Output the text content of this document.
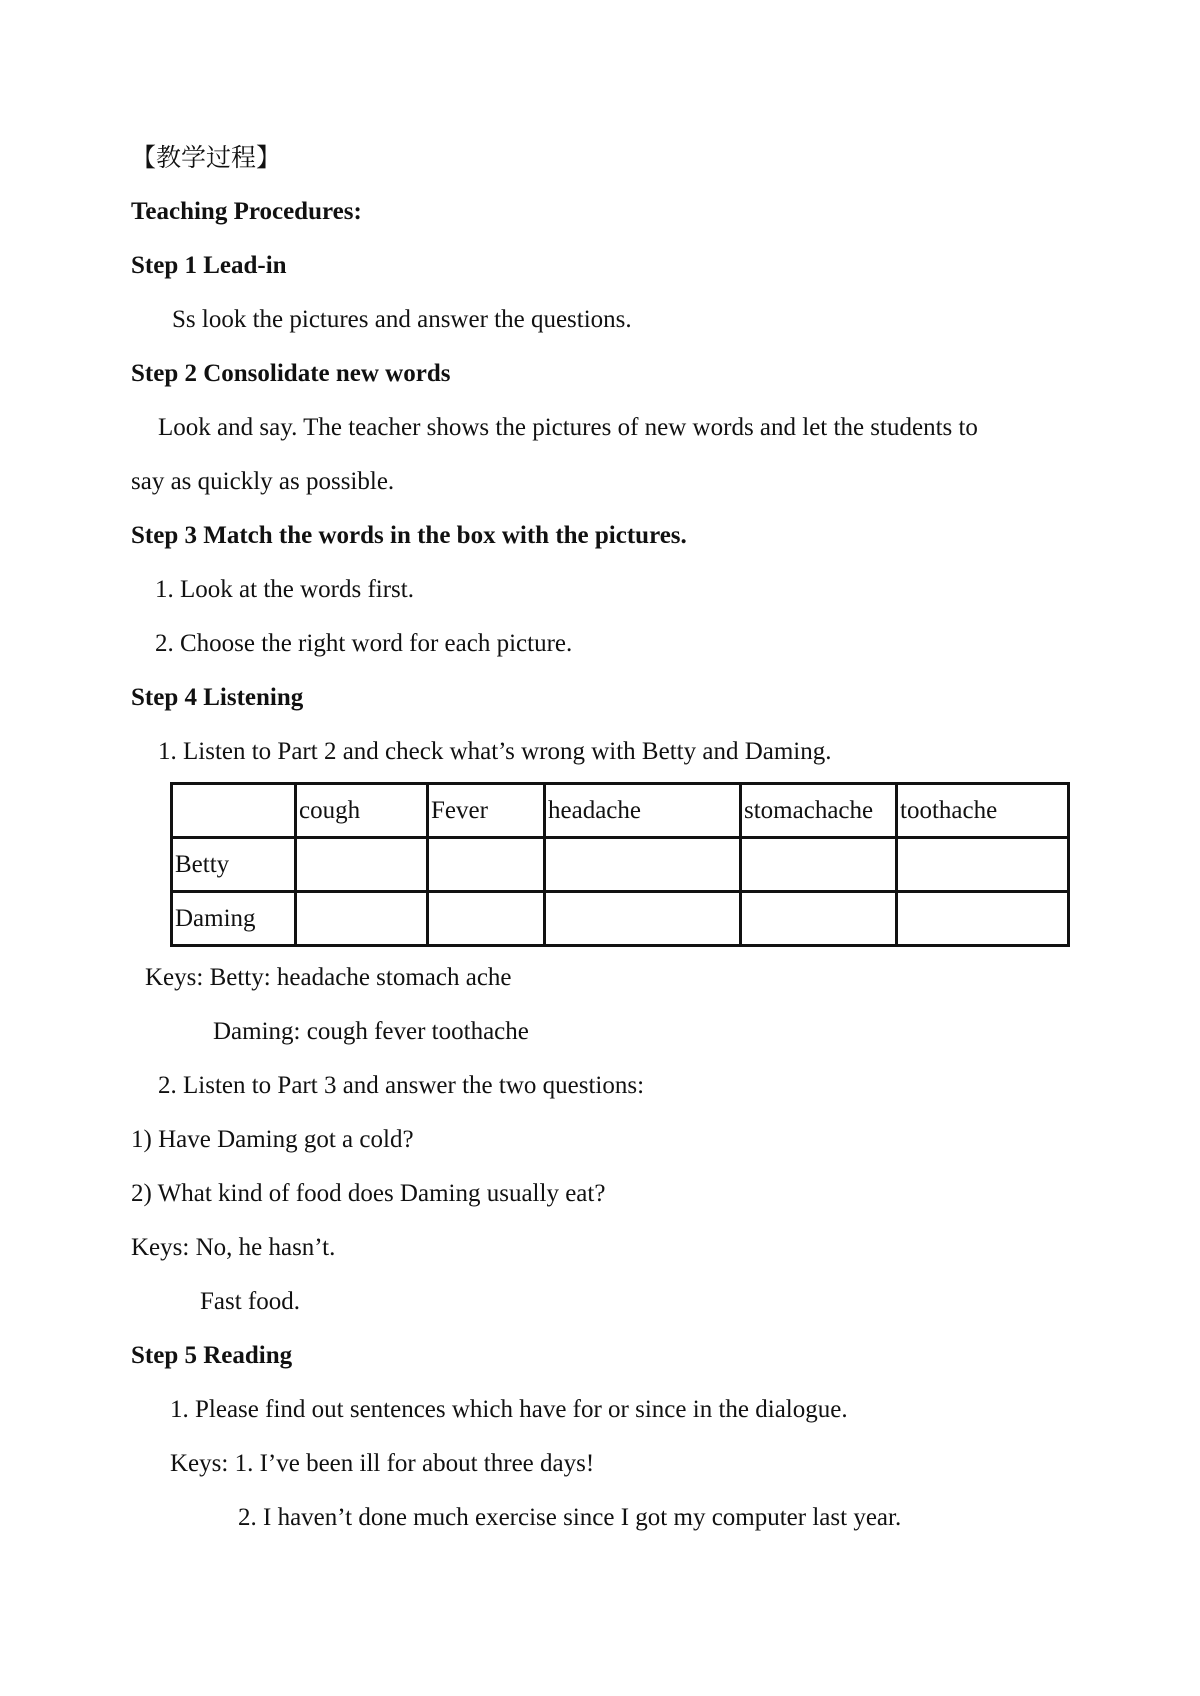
【教学过程】

Teaching Procedures:

Step 1 Lead-in

Ss look the pictures and answer the questions.

Step 2 Consolidate new words

Look and say. The teacher shows the pictures of new words and let the students to

say as quickly as possible.

Step 3 Match the words in the box with the pictures.

1. Look at the words first.

2. Choose the right word for each picture.

Step 4 Listening

1. Listen to Part 2 and check what’s wrong with Betty and Daming.

	cough	Fever	headache	stomachache	toothache
Betty					
Daming					

Keys: Betty: headache stomach ache

Daming: cough fever toothache

2. Listen to Part 3 and answer the two questions:

1) Have Daming got a cold?

2) What kind of food does Daming usually eat?

Keys: No, he hasn’t.

Fast food.

Step 5 Reading

1. Please find out sentences which have for or since in the dialogue.

Keys: 1. I’ve been ill for about three days!

2. I haven’t done much exercise since I got my computer last year.
